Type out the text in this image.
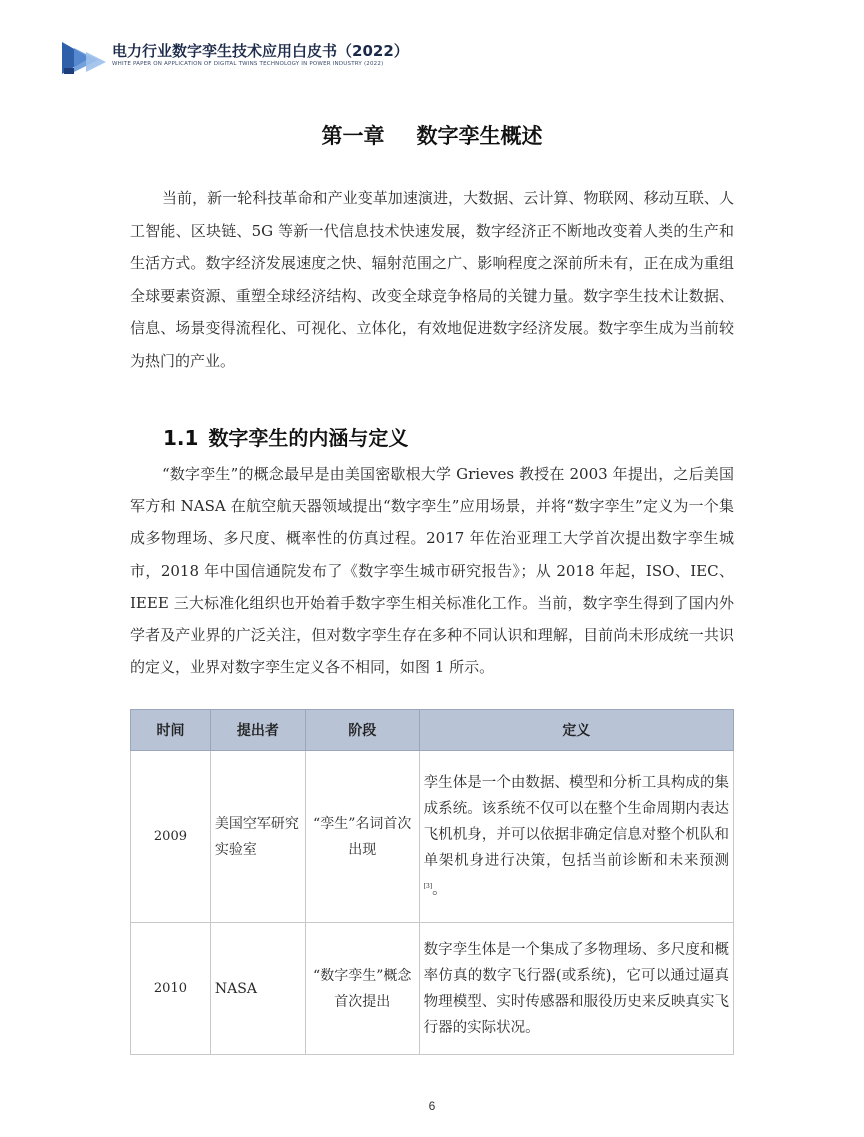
电力行业数字孪生技术应用白皮书（2022）
WHITE PAPER ON APPLICATION OF DIGITAL TWINS TECHNOLOGY IN POWER INDUSTRY (2022)
第一章 数字孪生概述

当前，新一轮科技革命和产业变革加速演进，大数据、云计算、物联网、移动互联、人工智能、区块链、5G 等新一代信息技术快速发展，数字经济正不断地改变着人类的生产和生活方式。数字经济发展速度之快、辐射范围之广、影响程度之深前所未有，正在成为重组全球要素资源、重塑全球经济结构、改变全球竞争格局的关键力量。数字孪生技术让数据、信息、场景变得流程化、可视化、立体化，有效地促进数字经济发展。数字孪生成为当前较为热门的产业。

1.1 数字孪生的内涵与定义

“数字孪生”的概念最早是由美国密歇根大学 Grieves 教授在 2003 年提出，之后美国军方和 NASA 在航空航天器领域提出“数字孪生”应用场景，并将“数字孪生”定义为一个集成多物理场、多尺度、概率性的仿真过程。2017 年佐治亚理工大学首次提出数字孪生城市，2018 年中国信通院发布了《数字孪生城市研究报告》；从 2018 年起，ISO、IEC、IEEE 三大标准化组织也开始着手数字孪生相关标准化工作。当前，数字孪生得到了国内外学者及产业界的广泛关注，但对数字孪生存在多种不同认识和理解，目前尚未形成统一共识的定义，业界对数字孪生定义各不相同，如图 1 所示。

时间	提出者	阶段	定义
2009	美国空军研究实验室	“孪生”名词首次出现	孪生体是一个由数据、模型和分析工具构成的集成系统。该系统不仅可以在整个生命周期内表达飞机机身，并可以依据非确定信息对整个机队和单架机身进行决策，包括当前诊断和未来预测[3]。
2010	NASA	“数字孪生”概念首次提出	数字孪生体是一个集成了多物理场、多尺度和概率仿真的数字飞行器(或系统)，它可以通过逼真物理模型、实时传感器和服役历史来反映真实飞行器的实际状况。
6
